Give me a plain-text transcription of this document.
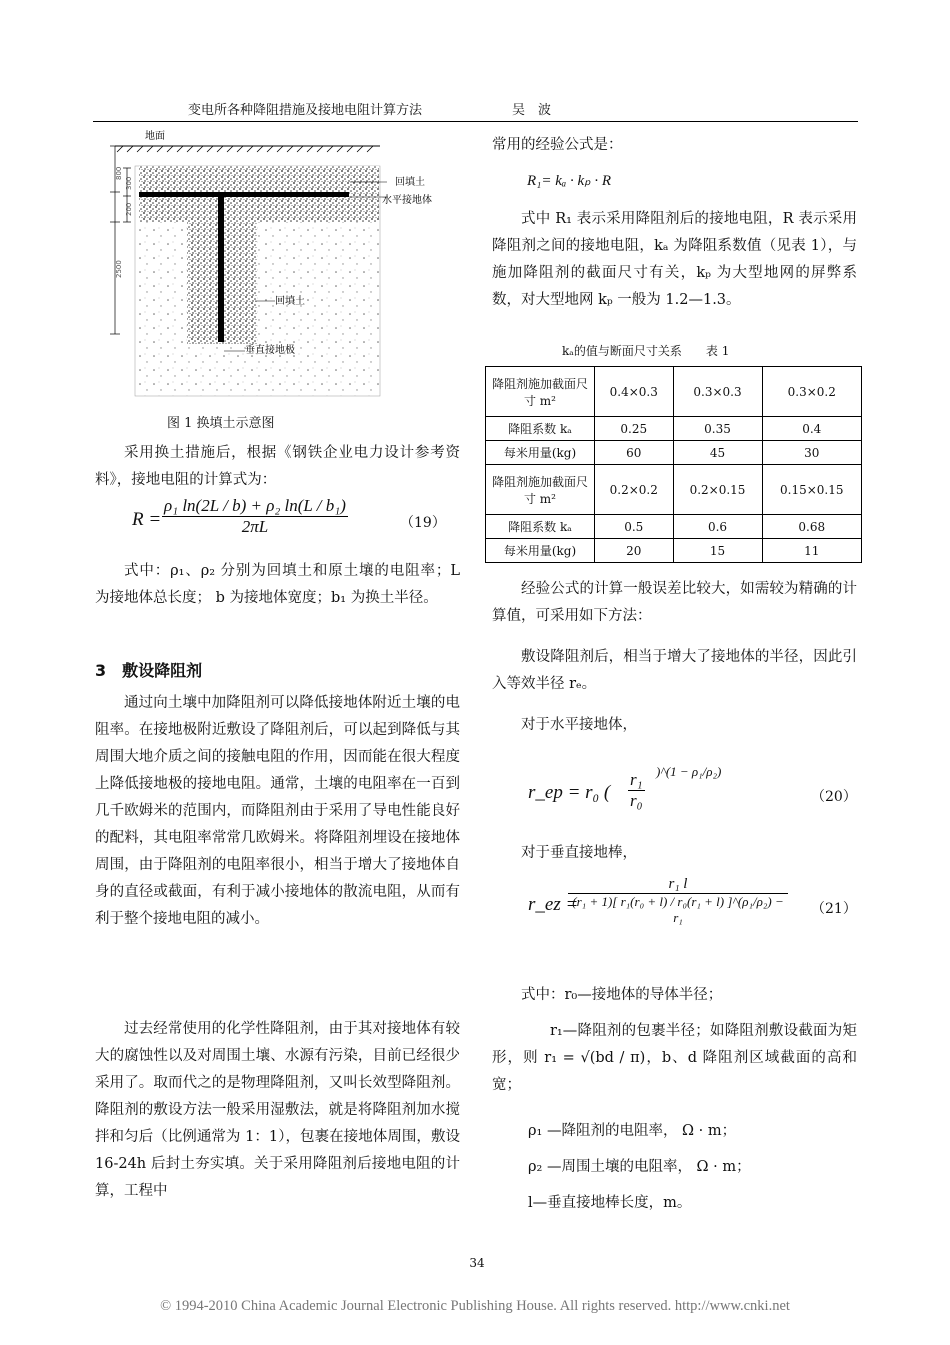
变电所各种降阻措施及接地电阻计算方法	吴　波
地面
800
300
200
2500
回填土
水平接地体
回填土
垂直接地极
图 1 换填土示意图
采用换土措施后，根据《钢铁企业电力设计参考资料》，接地电阻的计算式为：
$R = \frac{\text{ρ₁ ln(2L / b) + ρ₂ ln(L / b₁)}}{2\pi L}$	（19）
式中：ρ₁、ρ₂ 分别为回填土和原土壤的电阻率；L 为接地体总长度； b 为接地体宽度；b₁ 为换土半径。
3　敷设降阻剂
通过向土壤中加降阻剂可以降低接地体附近土壤的电阻率。在接地极附近敷设了降阻剂后，可以起到降低与其周围大地介质之间的接触电阻的作用，因而能在很大程度上降低接地极的接地电阻。通常，土壤的电阻率在一百到几千欧姆米的范围内，而降阻剂由于采用了导电性能良好的配料，其电阻率常常几欧姆米。将降阻剂埋设在接地体周围，由于降阻剂的电阻率很小，相当于增大了接地体自身的直径或截面，有利于减小接地体的散流电阻，从而有利于整个接地电阻的减小。
过去经常使用的化学性降阻剂，由于其对接地体有较大的腐蚀性以及对周围土壤、水源有污染，目前已经很少采用了。取而代之的是物理降阻剂，又叫长效型降阻剂。降阻剂的敷设方法一般采用湿敷法，就是将降阻剂加水搅拌和匀后（比例通常为 1：1），包裹在接地体周围，敷设 16-24h 后封土夯实填。关于采用降阻剂后接地电阻的计算，工程中
常用的经验公式是：
R₁= kₐ · kₚ · R
式中 R₁ 表示采用降阻剂后的接地电阻，R 表示采用降阻剂之间的接地电阻，kₐ 为降阻系数值（见表 1），与施加降阻剂的截面尺寸有关，kₚ 为大型地网的屏弊系数，对大型地网 kₚ 一般为 1.2—1.3。
kₐ的值与断面尺寸关系　　表 1
降阻剂施加截面尺寸 m²	0.4×0.3	0.3×0.3	0.3×0.2
降阻系数 kₐ	0.25	0.35	0.4
每米用量(kg)	60	45	30
降阻剂施加截面尺寸 m²	0.2×0.2	0.2×0.15	0.15×0.15
降阻系数 kₐ	0.5	0.6	0.68
每米用量(kg)	20	15	11
经验公式的计算一般误差比较大，如需较为精确的计算值，可采用如下方法：
敷设降阻剂后，相当于增大了接地体的半径，因此引入等效半径 rₑ。
对于水平接地体，
r_ep = r₀ ( $\frac{\text{r₁}}{\text{r₀}}$ )^(1 − ρ₁/ρ₂)
（20）
对于垂直接地棒，
r_ez =
$\frac{\text{r₁ l}}{\text{(r₁ + 1)[ r₁(r₀ + l) / r₀(r₁ + l) ]\textasciicircum{}(ρ₁/ρ₂) − r₁}} (21)$
式中：r₀—接地体的导体半径；
r₁—降阻剂的包裹半径；如降阻剂敷设截面为矩形，则 r₁ = √(bd / π)，b、d 降阻剂区域截面的高和宽；
ρ₁ —降阻剂的电阻率， Ω · m；
ρ₂ —周围土壤的电阻率， Ω · m；
l—垂直接地棒长度，m。
34
© 1994-2010 China Academic Journal Electronic Publishing House. All rights reserved. http://www.cnki.net
